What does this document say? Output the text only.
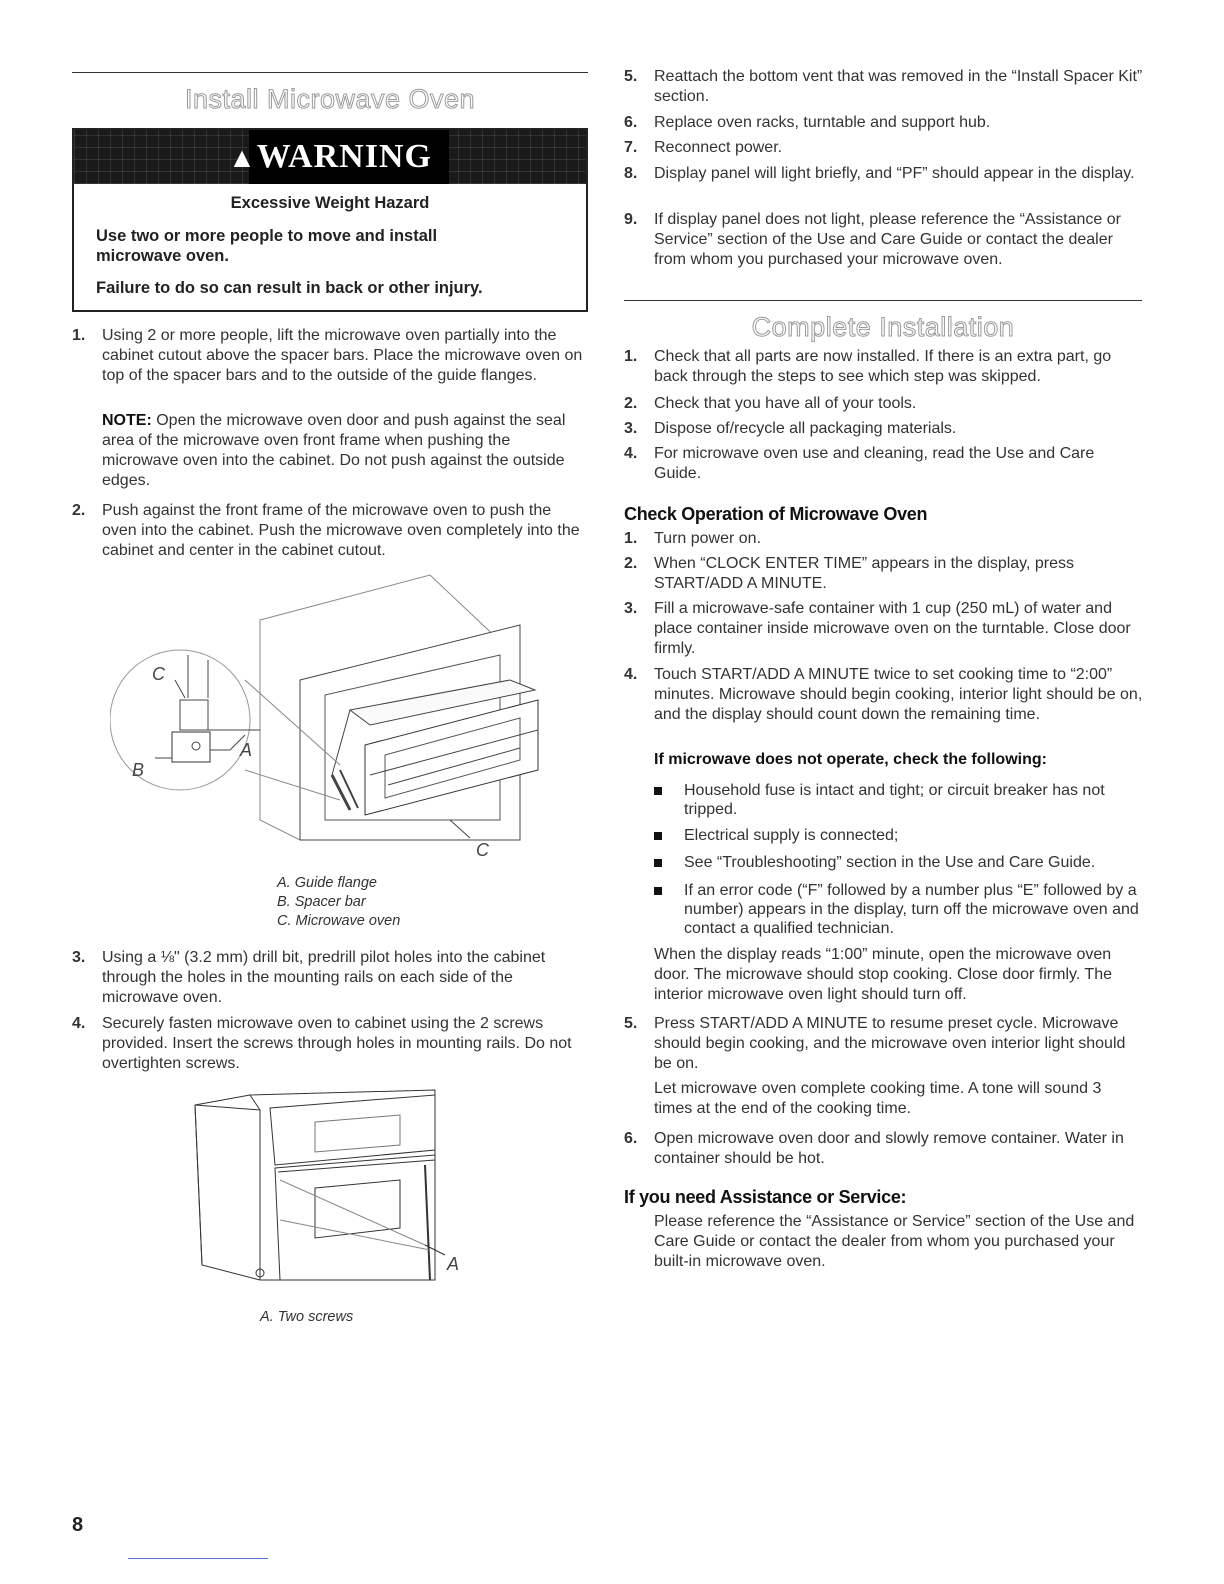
Install Microwave Oven
▲WARNING
Excessive Weight Hazard
Use two or more people to move and install microwave oven.
Failure to do so can result in back or other injury.
1.	Using 2 or more people, lift the microwave oven partially into the cabinet cutout above the spacer bars. Place the microwave oven on top of the spacer bars and to the outside of the guide flanges.
NOTE: Open the microwave oven door and push against the seal area of the microwave oven front frame when pushing the microwave oven into the cabinet. Do not push against the outside edges.
2.	Push against the front frame of the microwave oven to push the oven into the cabinet. Push the microwave oven completely into the cabinet and center in the cabinet cutout.
C
A
B
C
A. Guide flange
B. Spacer bar
C. Microwave oven
3.	Using a ⅛" (3.2 mm) drill bit, predrill pilot holes into the cabinet through the holes in the mounting rails on each side of the microwave oven.
4.	Securely fasten microwave oven to cabinet using the 2 screws provided. Insert the screws through holes in mounting rails. Do not overtighten screws.
A
A. Two screws
5.	Reattach the bottom vent that was removed in the “Install Spacer Kit” section.
6.	Replace oven racks, turntable and support hub.
7.	Reconnect power.
8.	Display panel will light briefly, and “PF” should appear in the display.
9.	If display panel does not light, please reference the “Assistance or Service” section of the Use and Care Guide or contact the dealer from whom you purchased your microwave oven.
Complete Installation
1.	Check that all parts are now installed. If there is an extra part, go back through the steps to see which step was skipped.
2.	Check that you have all of your tools.
3.	Dispose of/recycle all packaging materials.
4.	For microwave oven use and cleaning, read the Use and Care Guide.
Check Operation of Microwave Oven
1.	Turn power on.
2.	When “CLOCK ENTER TIME” appears in the display, press START/ADD A MINUTE.
3.	Fill a microwave-safe container with 1 cup (250 mL) of water and place container inside microwave oven on the turntable. Close door firmly.
4.	Touch START/ADD A MINUTE twice to set cooking time to “2:00” minutes. Microwave should begin cooking, interior light should be on, and the display should count down the remaining time.
If microwave does not operate, check the following:
Household fuse is intact and tight; or circuit breaker has not tripped.
Electrical supply is connected;
See “Troubleshooting” section in the Use and Care Guide.
If an error code (“F” followed by a number plus “E” followed by a number) appears in the display, turn off the microwave oven and contact a qualified technician.
When the display reads “1:00” minute, open the microwave oven door. The microwave should stop cooking. Close door firmly. The interior microwave oven light should turn off.
5.	Press START/ADD A MINUTE to resume preset cycle. Microwave should begin cooking, and the microwave oven interior light should be on.
Let microwave oven complete cooking time. A tone will sound 3 times at the end of the cooking time.
6.	Open microwave oven door and slowly remove container. Water in container should be hot.
If you need Assistance or Service:
Please reference the “Assistance or Service” section of the Use and Care Guide or contact the dealer from whom you purchased your built-in microwave oven.
8
